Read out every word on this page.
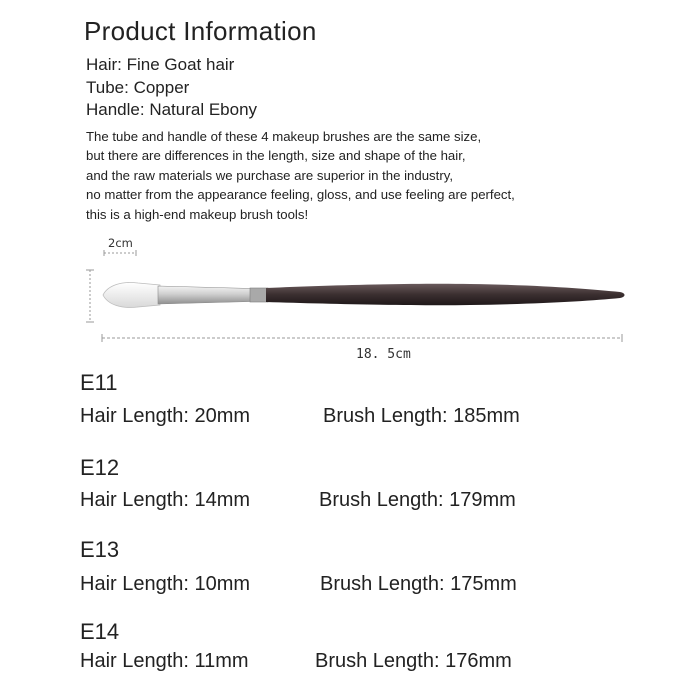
Product Information
Hair: Fine Goat hair
Tube: Copper
Handle: Natural Ebony
The tube and handle of these 4 makeup brushes are the same size,
but there are differences in the length, size and shape of the hair,
and the raw materials we purchase are superior in the industry,
no matter from the appearance feeling, gloss, and use feeling are perfect,
this is a high-end makeup brush tools!
2cm
18. 5cm
E11
Hair Length: 20mm	Brush Length: 185mm
E12
Hair Length: 14mm	Brush Length: 179mm
E13
Hair Length: 10mm	Brush Length: 175mm
E14
Hair Length: 11mm	Brush Length: 176mm
